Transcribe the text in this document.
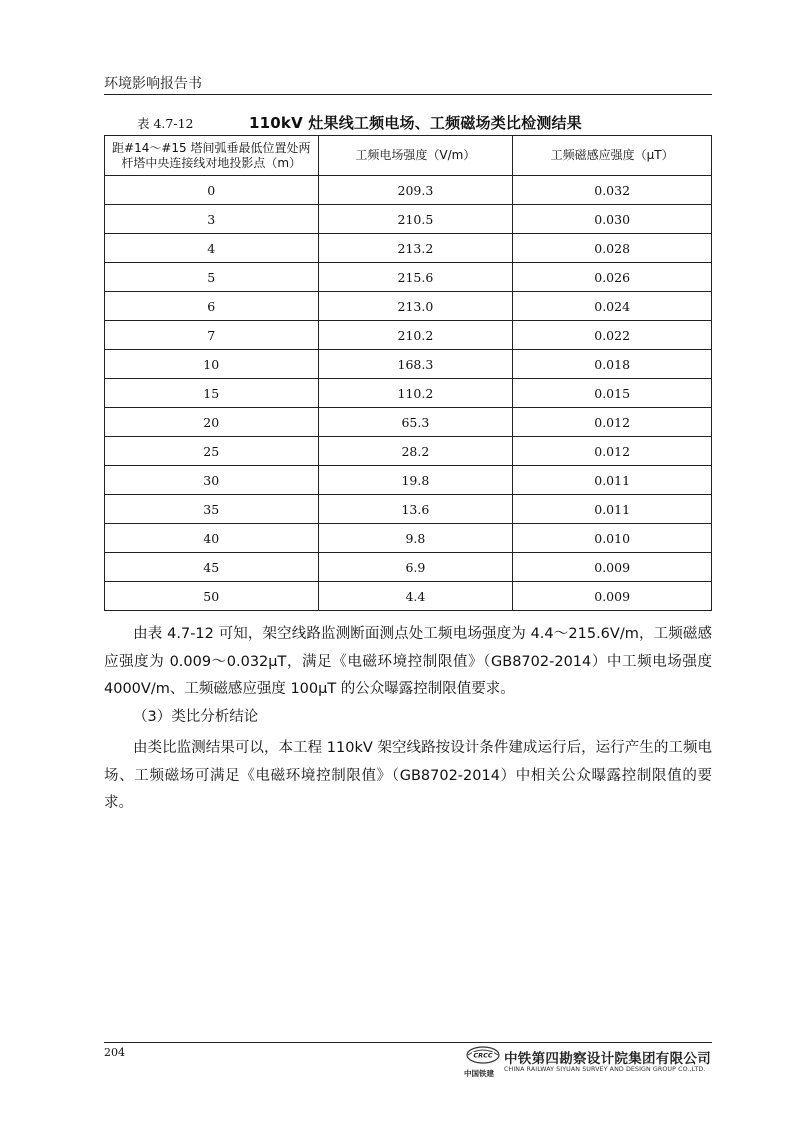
环境影响报告书
表 4.7-12	110kV 灶果线工频电场、工频磁场类比检测结果
距#14～#15 塔间弧垂最低位置处两
杆塔中央连接线对地投影点（m）	工频电场强度（V/m）	工频磁感应强度（μT）
0	209.3	0.032
3	210.5	0.030
4	213.2	0.028
5	215.6	0.026
6	213.0	0.024
7	210.2	0.022
10	168.3	0.018
15	110.2	0.015
20	65.3	0.012
25	28.2	0.012
30	19.8	0.011
35	13.6	0.011
40	9.8	0.010
45	6.9	0.009
50	4.4	0.009
由表 4.7-12 可知，架空线路监测断面测点处工频电场强度为 4.4～215.6V/m，工频磁感应强度为 0.009～0.032μT，满足《电磁环境控制限值》（GB8702-2014）中工频电场强度 4000V/m、工频磁感应强度 100μT 的公众曝露控制限值要求。
（3）类比分析结论
由类比监测结果可以，本工程 110kV 架空线路按设计条件建成运行后，运行产生的工频电场、工频磁场可满足《电磁环境控制限值》（GB8702-2014）中相关公众曝露控制限值的要求。
204	CRCC
中国铁建
中铁第四勘察设计院集团有限公司
CHINA RAILWAY SIYUAN SURVEY AND DESIGN GROUP CO.,LTD.
